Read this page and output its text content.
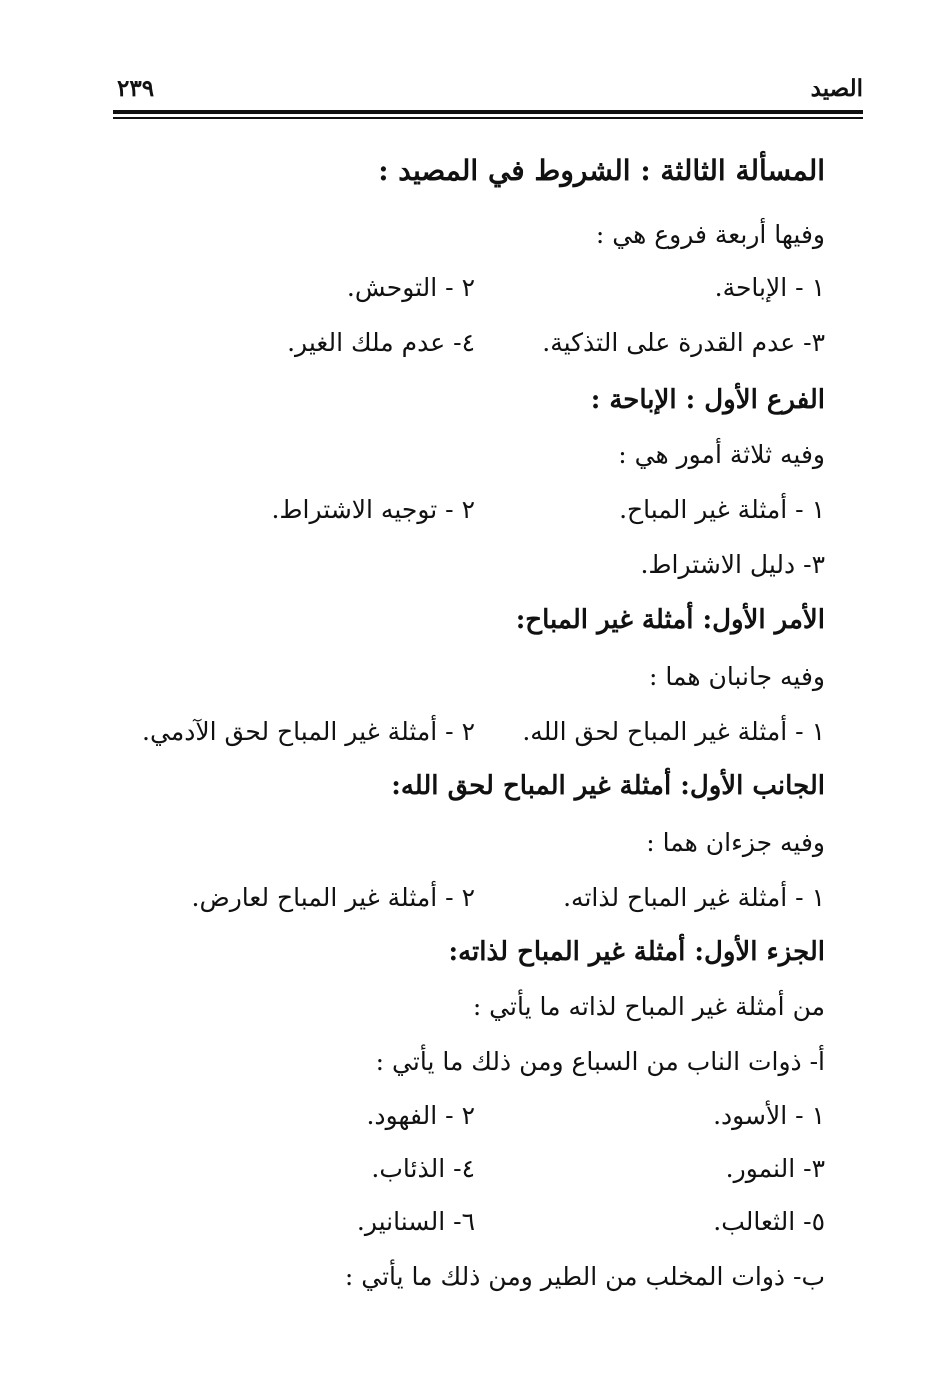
الصيد
٢٣٩
المسألة الثالثة : الشروط في المصيد :
وفيها أربعة فروع هي :
١ - الإباحة.
٢ - التوحش.
٣- عدم القدرة على التذكية.
٤- عدم ملك الغير.
الفرع الأول : الإباحة :
وفيه ثلاثة أمور هي :
١ - أمثلة غير المباح.
٢ - توجيه الاشتراط.
٣- دليل الاشتراط.
الأمر الأول: أمثلة غير المباح:
وفيه جانبان هما :
١ - أمثلة غير المباح لحق الله.
٢ - أمثلة غير المباح لحق الآدمي.
الجانب الأول: أمثلة غير المباح لحق الله:
وفيه جزءان هما :
١ - أمثلة غير المباح لذاته.
٢ - أمثلة غير المباح لعارض.
الجزء الأول: أمثلة غير المباح لذاته:
من أمثلة غير المباح لذاته ما يأتي :
أ- ذوات الناب من السباع ومن ذلك ما يأتي :
١ - الأسود.
٢ - الفهود.
٣- النمور.
٤- الذئاب.
٥- الثعالب.
٦- السنانير.
ب- ذوات المخلب من الطير ومن ذلك ما يأتي :
